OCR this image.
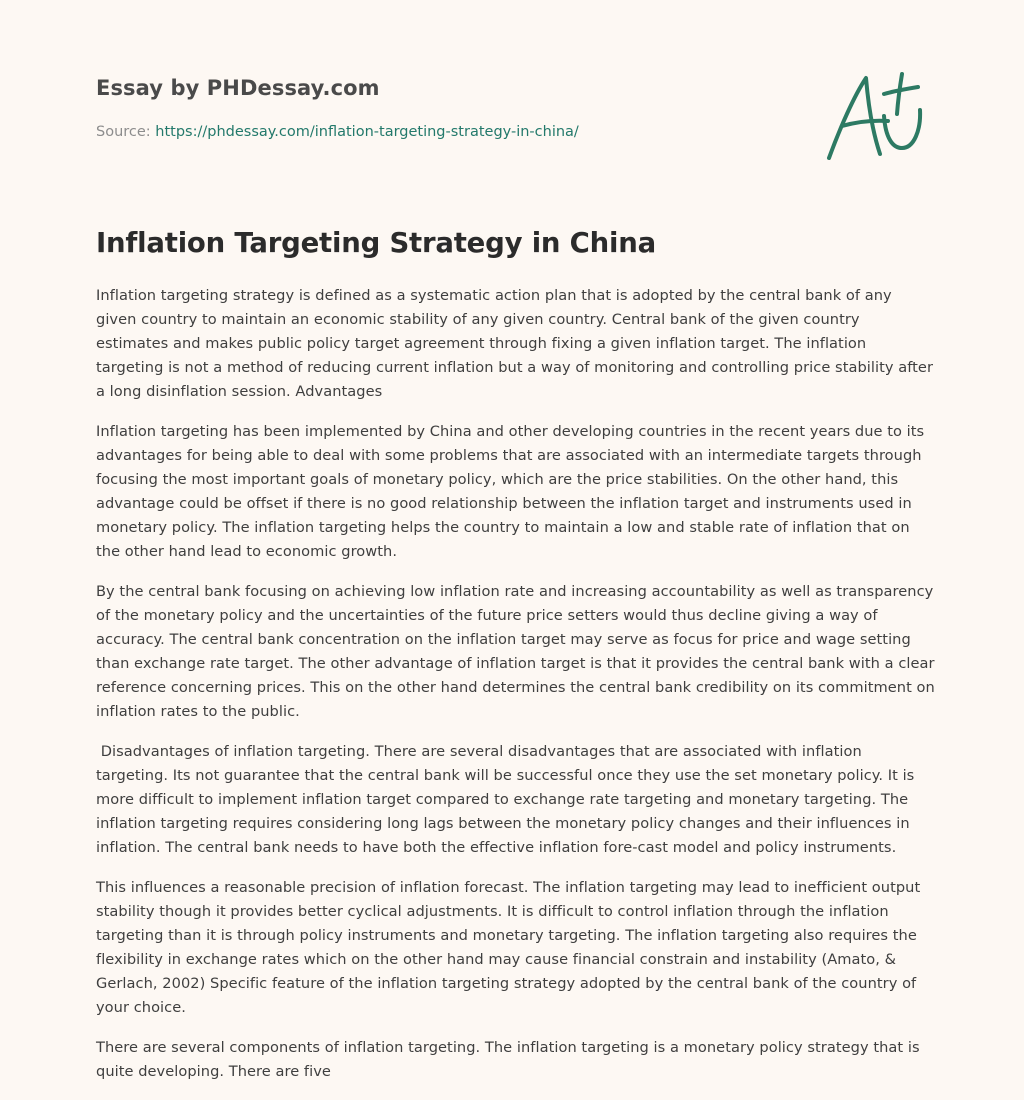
Essay by PHDessay.com
Source: https://phdessay.com/inflation-targeting-strategy-in-china/
Inflation Targeting Strategy in China

Inflation targeting strategy is defined as a systematic action plan that is adopted by the central bank of any given country to maintain an economic stability of any given country. Central bank of the given country estimates and makes public policy target agreement through fixing a given inflation target. The inflation targeting is not a method of reducing current inflation but a way of monitoring and controlling price stability after a long disinflation session. Advantages

Inflation targeting has been implemented by China and other developing countries in the recent years due to its advantages for being able to deal with some problems that are associated with an intermediate targets through focusing the most important goals of monetary policy, which are the price stabilities. On the other hand, this advantage could be offset if there is no good relationship between the inflation target and instruments used in monetary policy. The inflation targeting helps the country to maintain a low and stable rate of inflation that on the other hand lead to economic growth.

By the central bank focusing on achieving low inflation rate and increasing accountability as well as transparency of the monetary policy and the uncertainties of the future price setters would thus decline giving a way of accuracy. The central bank concentration on the inflation target may serve as focus for price and wage setting than exchange rate target. The other advantage of inflation target is that it provides the central bank with a clear reference concerning prices. This on the other hand determines the central bank credibility on its commitment on inflation rates to the public.

Disadvantages of inflation targeting. There are several disadvantages that are associated with inflation targeting. Its not guarantee that the central bank will be successful once they use the set monetary policy. It is more difficult to implement inflation target compared to exchange rate targeting and monetary targeting. The inflation targeting requires considering long lags between the monetary policy changes and their influences in inflation. The central bank needs to have both the effective inflation fore-cast model and policy instruments.

This influences a reasonable precision of inflation forecast. The inflation targeting may lead to inefficient output stability though it provides better cyclical adjustments. It is difficult to control inflation through the inflation targeting than it is through policy instruments and monetary targeting. The inflation targeting also requires the flexibility in exchange rates which on the other hand may cause financial constrain and instability (Amato, & Gerlach, 2002) Specific feature of the inflation targeting strategy adopted by the central bank of the country of your choice.

There are several components of inflation targeting. The inflation targeting is a monetary policy strategy that is quite developing. There are five
